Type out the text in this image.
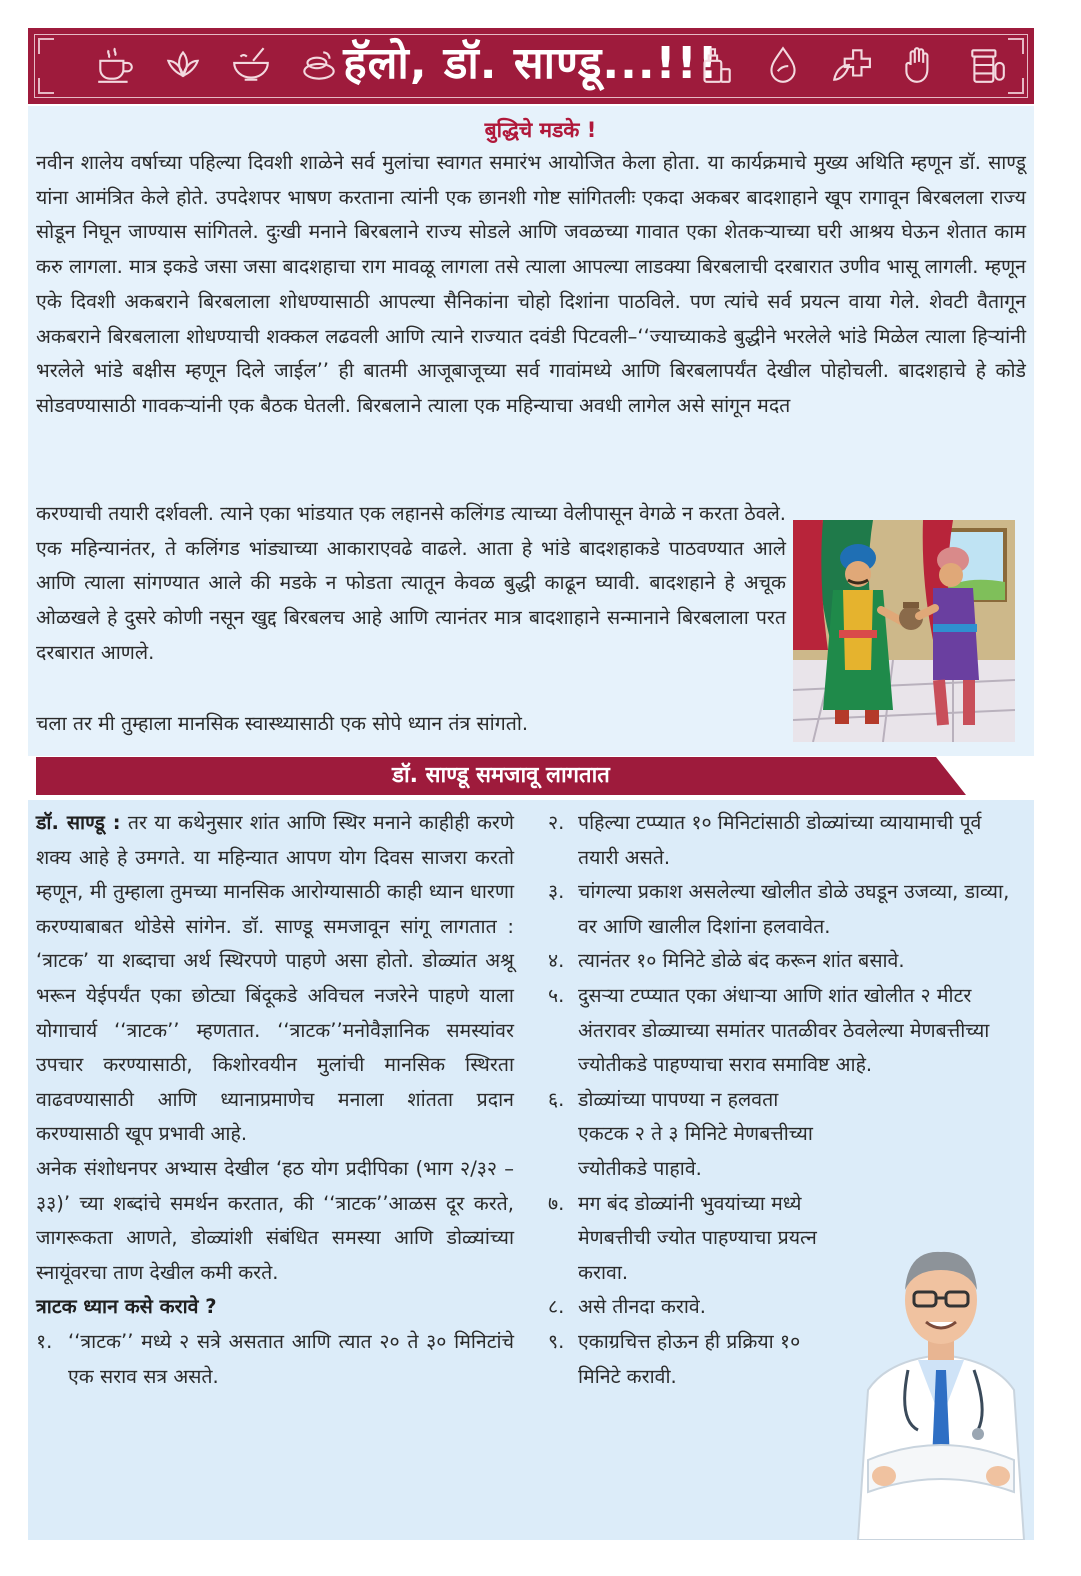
हॅलो, डॉ. साण्डू...!!!
बुद्धिचे मडके !

नवीन शालेय वर्षाच्या पहिल्या दिवशी शाळेने सर्व मुलांचा स्वागत समारंभ आयोजित केला होता. या कार्यक्रमाचे मुख्य अथिति म्हणून डॉ. साण्डू यांना आमंत्रित केले होते. उपदेशपर भाषण करताना त्यांनी एक छानशी गोष्ट सांगितलीः एकदा अकबर बादशाहाने खूप रागावून बिरबलला राज्य सोडून निघून जाण्यास सांगितले. दुःखी मनाने बिरबलाने राज्य सोडले आणि जवळच्या गावात एका शेतकऱ्याच्या घरी आश्रय घेऊन शेतात काम करु लागला. मात्र इकडे जसा जसा बादशहाचा राग मावळू लागला तसे त्याला आपल्या लाडक्या बिरबलाची दरबारात उणीव भासू लागली. म्हणून एके दिवशी अकबराने बिरबलाला शोधण्यासाठी आपल्या सैनिकांना चोहो दिशांना पाठविले. पण त्यांचे सर्व प्रयत्न वाया गेले. शेवटी वैतागून अकबराने बिरबलाला शोधण्याची शक्कल लढवली आणि त्याने राज्यात दवंडी पिटवली–‘‘ज्याच्याकडे बुद्धीने भरलेले भांडे मिळेल त्याला हिऱ्यांनी भरलेले भांडे बक्षीस म्हणून दिले जाईल’’ ही बातमी आजूबाजूच्या सर्व गावांमध्ये आणि बिरबलापर्यंत देखील पोहोचली. बादशहाचे हे कोडे सोडवण्यासाठी गावकऱ्यांनी एक बैठक घेतली. बिरबलाने त्याला एक महिन्याचा अवधी लागेल असे सांगून मदत

करण्याची तयारी दर्शवली. त्याने एका भांडयात एक लहानसे कलिंगड त्याच्या वेलीपासून वेगळे न करता ठेवले. एक महिन्यानंतर, ते कलिंगड भांड्याच्या आकाराएवढे वाढले. आता हे भांडे बादशहाकडे पाठवण्यात आले आणि त्याला सांगण्यात आले की मडके न फोडता त्यातून केवळ बुद्धी काढून घ्यावी. बादशहाने हे अचूक ओळखले हे दुसरे कोणी नसून खुद्द बिरबलच आहे आणि त्यानंतर मात्र बादशाहाने सन्मानाने बिरबलाला परत दरबारात आणले.

चला तर मी तुम्हाला मानसिक स्वास्थ्यासाठी एक सोपे ध्यान तंत्र सांगतो.
डॉ. साण्डू समजावू लागतात

डॉ. साण्डू : तर या कथेनुसार शांत आणि स्थिर मनाने काहीही करणे शक्य आहे हे उमगते. या महिन्यात आपण योग दिवस साजरा करतो म्हणून, मी तुम्हाला तुमच्या मानसिक आरोग्यासाठी काही ध्यान धारणा करण्याबाबत थोडेसे सांगेन. डॉ. साण्डू समजावून सांगू लागतात : ‘त्राटक’ या शब्दाचा अर्थ स्थिरपणे पाहणे असा होतो. डोळ्यांत अश्रू भरून येईपर्यंत एका छोट्या बिंदूकडे अविचल नजरेने पाहणे याला योगाचार्य ‘‘त्राटक’’ म्हणतात. ‘‘त्राटक’’मनोवैज्ञानिक समस्यांवर उपचार करण्यासाठी, किशोरवयीन मुलांची मानसिक स्थिरता वाढवण्यासाठी आणि ध्यानाप्रमाणेच मनाला शांतता प्रदान करण्यासाठी खूप प्रभावी आहे.

अनेक संशोधनपर अभ्यास देखील ‘हठ योग प्रदीपिका (भाग २/३२ – ३३)’ च्या शब्दांचे समर्थन करतात, की ‘‘त्राटक’’आळस दूर करते, जागरूकता आणते, डोळ्यांशी संबंधित समस्या आणि डोळ्यांच्या स्नायूंवरचा ताण देखील कमी करते.

त्राटक ध्यान कसे करावे ?

१. ‘‘त्राटक’’ मध्ये २ सत्रे असतात आणि त्यात २० ते ३० मिनिटांचे एक सराव सत्र असते.
२. पहिल्या टप्प्यात १० मिनिटांसाठी डोळ्यांच्या व्यायामाची पूर्व तयारी असते.
३. चांगल्या प्रकाश असलेल्या खोलीत डोळे उघडून उजव्या, डाव्या, वर आणि खालील दिशांना हलवावेत.
४. त्यानंतर १० मिनिटे डोळे बंद करून शांत बसावे.
५. दुसऱ्या टप्प्यात एका अंधाऱ्या आणि शांत खोलीत २ मीटर अंतरावर डोळ्याच्या समांतर पातळीवर ठेवलेल्या मेणबत्तीच्या ज्योतीकडे पाहण्याचा सराव समाविष्ट आहे.
६. डोळ्यांच्या पापण्या न हलवता एकटक २ ते ३ मिनिटे मेणबत्तीच्या ज्योतीकडे पाहावे.
७. मग बंद डोळ्यांनी भुवयांच्या मध्ये मेणबत्तीची ज्योत पाहण्याचा प्रयत्न करावा.
८. असे तीनदा करावे.
९. एकाग्रचित्त होऊन ही प्रक्रिया १० मिनिटे करावी.
